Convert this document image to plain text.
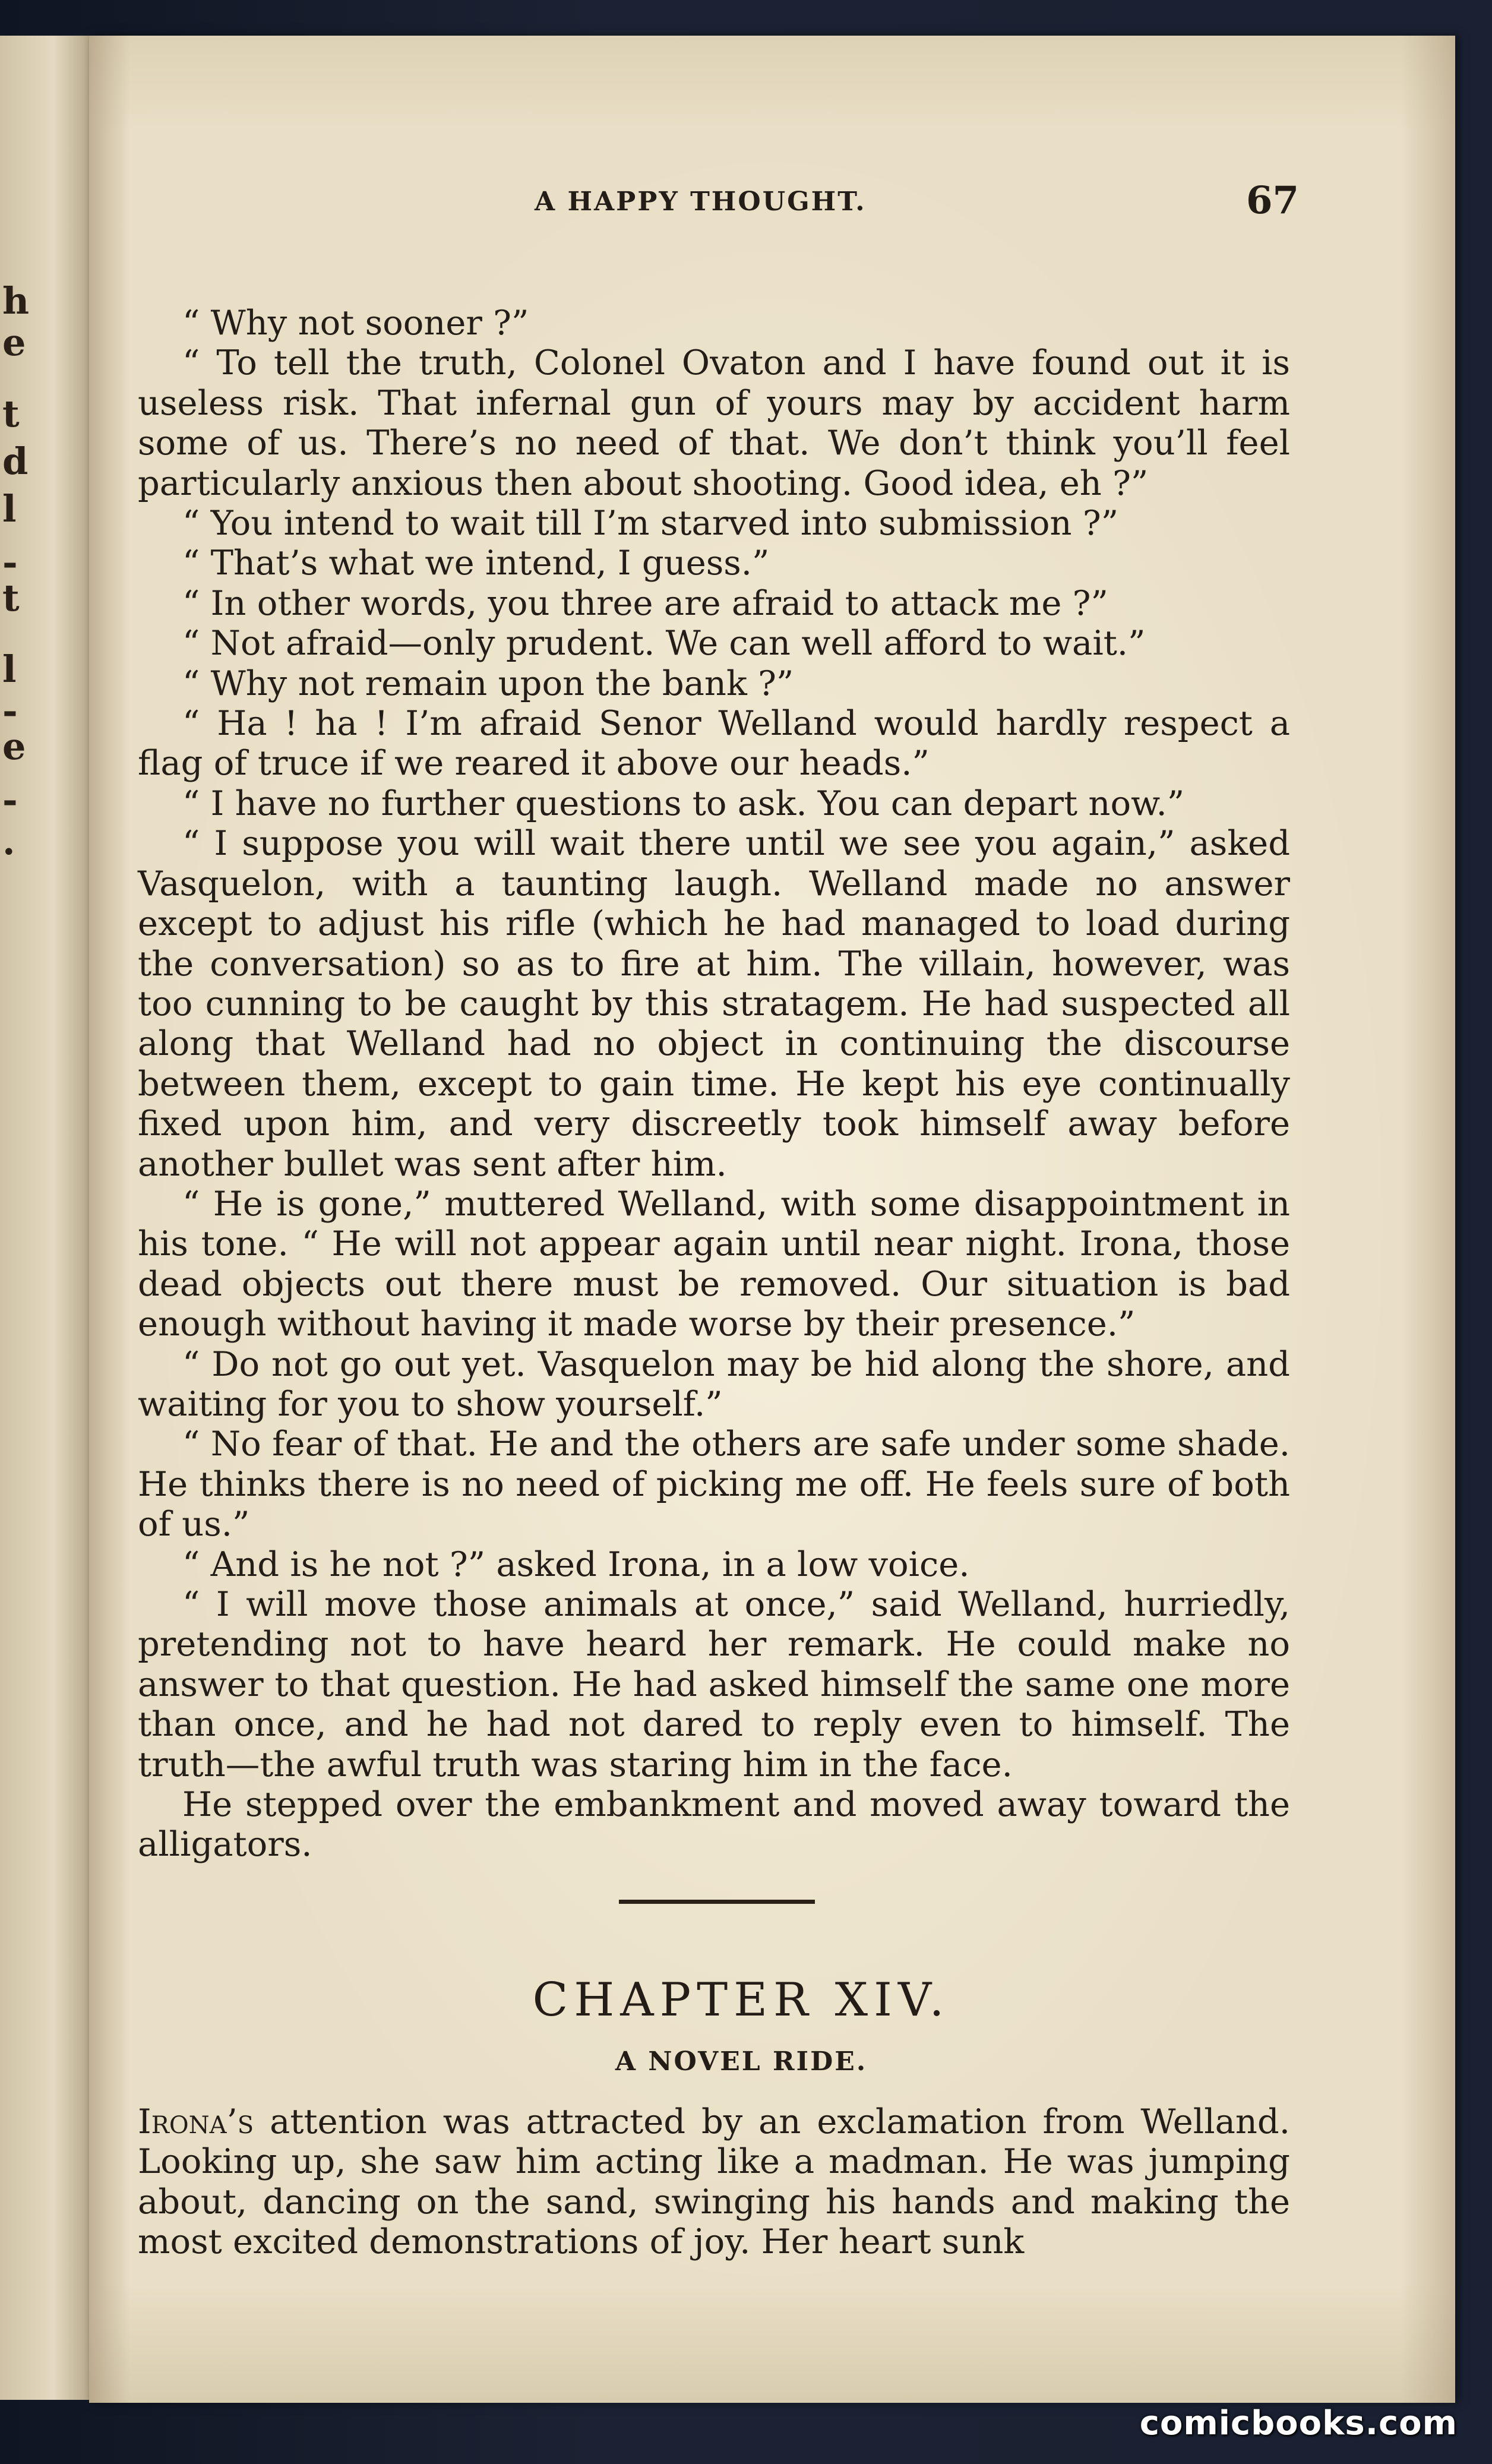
h
e
t
d
l
-
t
l
-
e
-
.
A HAPPY THOUGHT.	67

“ Why not sooner ?”

“ To tell the truth, Colonel Ovaton and I have found out it is useless risk. That infernal gun of yours may by accident harm some of us. There’s no need of that. We don’t think you’ll feel particularly anxious then about shooting. Good idea, eh ?”

“ You intend to wait till I’m starved into submission ?”

“ That’s what we intend, I guess.”

“ In other words, you three are afraid to attack me ?”

“ Not afraid—only prudent. We can well afford to wait.”

“ Why not remain upon the bank ?”

“ Ha ! ha ! I’m afraid Senor Welland would hardly respect a flag of truce if we reared it above our heads.”

“ I have no further questions to ask. You can depart now.”

“ I suppose you will wait there until we see you again,” asked Vasquelon, with a taunting laugh. Welland made no answer except to adjust his rifle (which he had managed to load during the conversation) so as to fire at him. The villain, however, was too cunning to be caught by this stratagem. He had suspected all along that Welland had no object in continuing the discourse between them, except to gain time. He kept his eye continually fixed upon him, and very discreetly took himself away before another bullet was sent after him.

“ He is gone,” muttered Welland, with some disappointment in his tone. “ He will not appear again until near night. Irona, those dead objects out there must be removed. Our situation is bad enough without having it made worse by their presence.”

“ Do not go out yet. Vasquelon may be hid along the shore, and waiting for you to show yourself.”

“ No fear of that. He and the others are safe under some shade. He thinks there is no need of picking me off. He feels sure of both of us.”

“ And is he not ?” asked Irona, in a low voice.

“ I will move those animals at once,” said Welland, hurriedly, pretending not to have heard her remark. He could make no answer to that question. He had asked himself the same one more than once, and he had not dared to reply even to himself. The truth—the awful truth was staring him in the face.

He stepped over the embankment and moved away toward the alligators.

CHAPTER XIV.
A NOVEL RIDE.

Irona’s attention was attracted by an exclamation from Welland. Looking up, she saw him acting like a madman. He was jumping about, dancing on the sand, swinging his hands and making the most excited demonstrations of joy. Her heart sunk

comicbooks.com
